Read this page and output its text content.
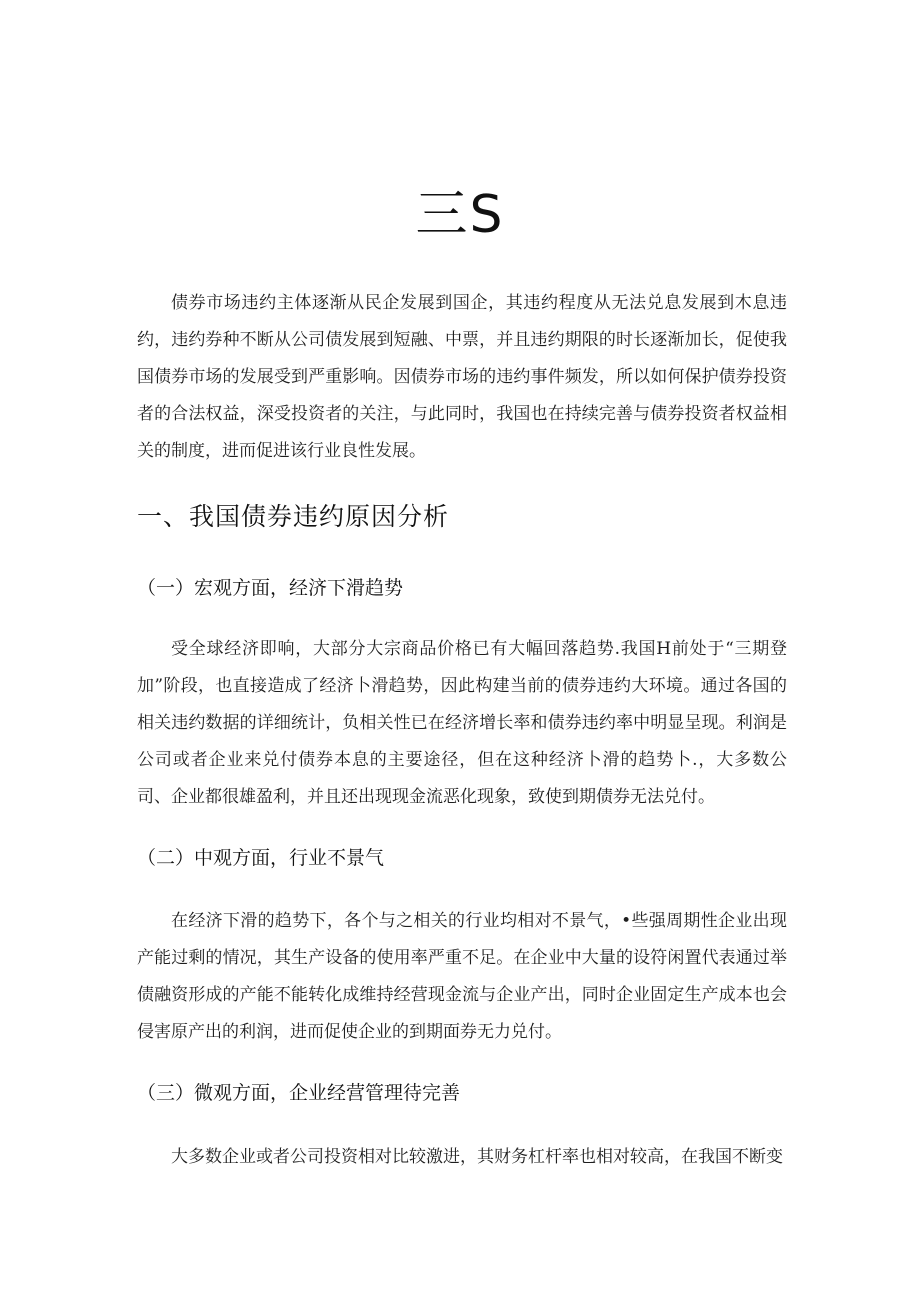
三S

债券市场违约主体逐渐从民企发展到国企，其违约程度从无法兑息发展到木息违约，违约券种不断从公司债发展到短融、中票，并且违约期限的时长逐渐加长，促使我国债券市场的发展受到严重影响。因债券市场的违约事件频发，所以如何保护债券投资者的合法权益，深受投资者的关注，与此同时，我国也在持续完善与债券投资者权益相关的制度，进而促进该行业良性发展。

一、我国债券违约原因分析
（一）宏观方面，经济下滑趋势

受全球经济即响，大部分大宗商品价格已有大幅回落趋势.我国H前处于“三期登加”阶段，也直接造成了经济卜滑趋势，因此构建当前的债券违约大环境。通过各国的相关违约数据的详细统计，负相关性已在经济增长率和债券违约率中明显呈现。利润是公司或者企业来兑付债券本息的主要途径，但在这种经济卜滑的趋势卜.，大多数公司、企业都很雄盈利，并且还出现现金流恶化现象，致使到期债券无法兑付。

（二）中观方面，行业不景气

在经济下滑的趋势下，各个与之相关的行业均相对不景气，•些强周期性企业出现产能过剩的情况，其生产设备的使用率严重不足。在企业中大量的设符闲置代表通过举债融资形成的产能不能转化成维持经营现金流与企业产出，同时企业固定生产成本也会侵害原产出的利润，进而促使企业的到期面券无力兑付。

（三）微观方面，企业经营管理待完善

大多数企业或者公司投资相对比较激进，其财务杠杆率也相对较高，在我国不断变
